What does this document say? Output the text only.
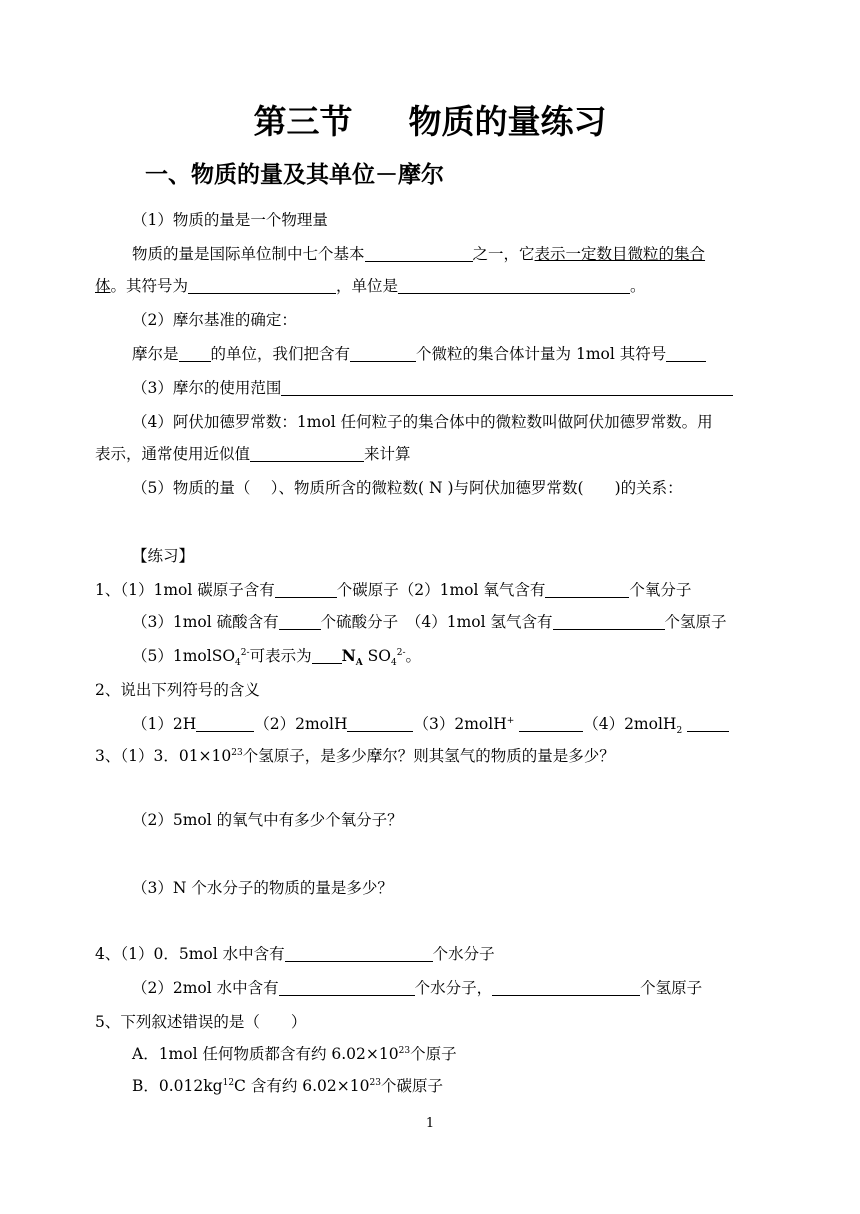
第三节 物质的量练习
一、物质的量及其单位－摩尔
（1）物质的量是一个物理量
物质的量是国际单位制中七个基本	之一，它表示一定数目微粒的集合
体。其符号为	，单位是	。
（2）摩尔基准的确定：
摩尔是 的单位，我们把含有	个微粒的集合体计量为 1mol 其符号
（3）摩尔的使用范围
（4）阿伏加德罗常数：1mol 任何粒子的集合体中的微粒数叫做阿伏加德罗常数。用
表示，通常使用近似值	来计算
（5）物质的量（　 ）、物质所含的微粒数( N )与阿伏加德罗常数(　　)的关系：
【练习】
1、（1）1mol 碳原子含有	个碳原子（2）1mol 氧气含有	个氧分子
（3）1mol 硫酸含有	个硫酸分子　（4）1mol 氢气含有	个氢原子
（5）1molSO$_4^{2-}$可表示为 $N_A$ $SO_4^{2-}$。
2、说出下列符号的含义
（1）2H	（2）2molH	（3）2molH+	（4）2molH$_2$
3、（1）3．$01\times 10^{23}$个氢原子，是多少摩尔？则其氢气的物质的量是多少？
（2）5mol 的氧气中有多少个氧分子？
（3）N 个水分子的物质的量是多少？
4、（1）0．5mol 水中含有	个水分子
（2）2mol 水中含有	个水分子，	个氢原子
5、下列叙述错误的是（　　）
A．1mol 任何物质都含有约 $6.02\times 10^{23}$个原子
B．$0.012kg^{12}C$ 含有约 $6.02\times 10^{23}$个碳原子
1
